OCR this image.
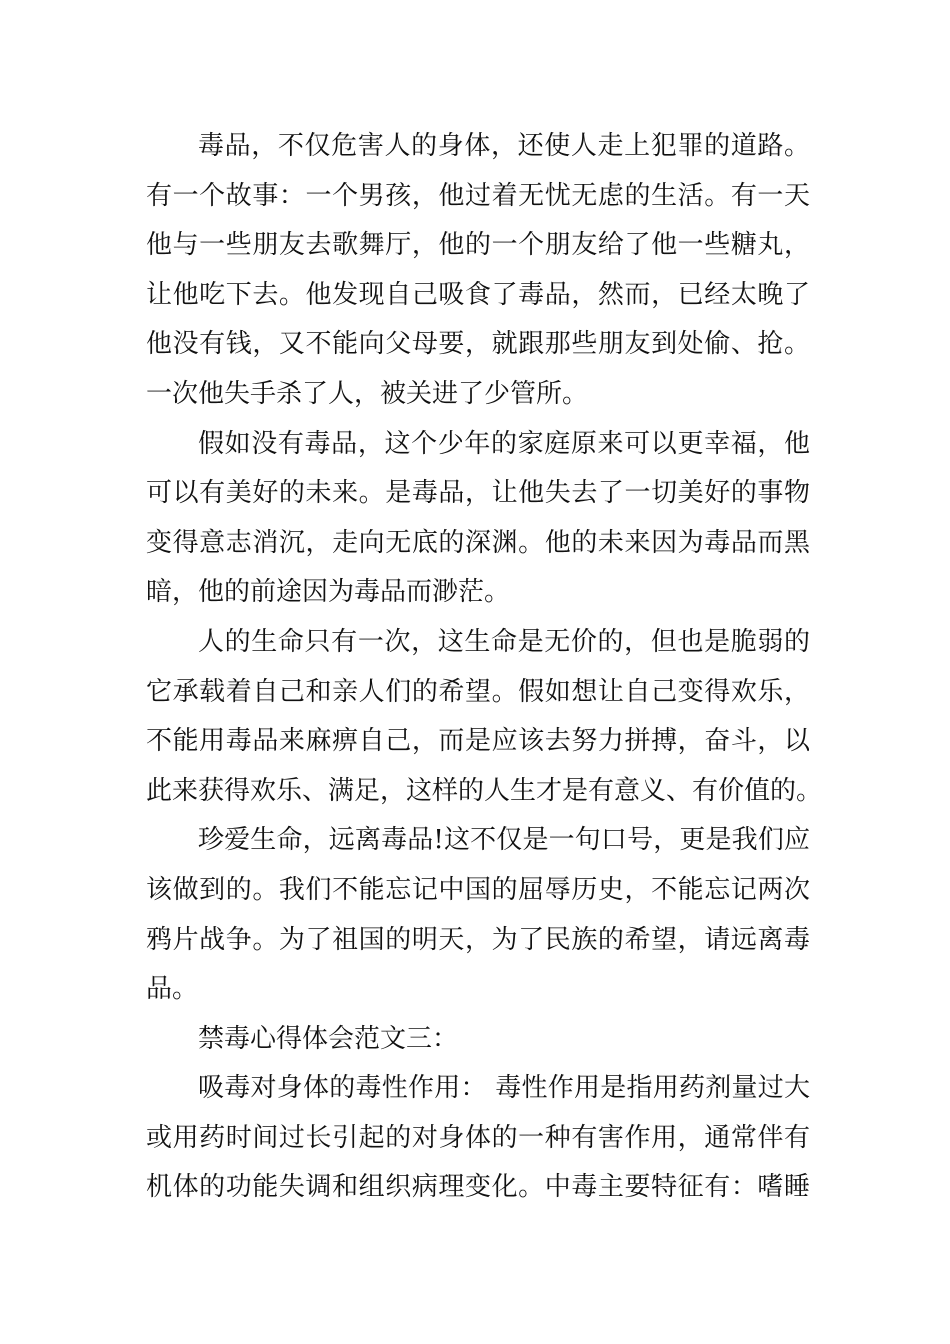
毒品，不仅危害人的身体，还使人走上犯罪的道路。
有一个故事：一个男孩，他过着无忧无虑的生活。有一天
他与一些朋友去歌舞厅，他的一个朋友给了他一些糖丸，
让他吃下去。他发现自己吸食了毒品，然而，已经太晚了
他没有钱，又不能向父母要，就跟那些朋友到处偷、抢。
一次他失手杀了人，被关进了少管所。
假如没有毒品，这个少年的家庭原来可以更幸福，他
可以有美好的未来。是毒品，让他失去了一切美好的事物
变得意志消沉，走向无底的深渊。他的未来因为毒品而黑
暗，他的前途因为毒品而渺茫。
人的生命只有一次，这生命是无价的，但也是脆弱的
它承载着自己和亲人们的希望。假如想让自己变得欢乐，
不能用毒品来麻痹自己，而是应该去努力拼搏，奋斗，以
此来获得欢乐、满足，这样的人生才是有意义、有价值的。
珍爱生命，远离毒品!这不仅是一句口号，更是我们应
该做到的。我们不能忘记中国的屈辱历史，不能忘记两次
鸦片战争。为了祖国的明天，为了民族的希望，请远离毒
品。
禁毒心得体会范文三：
吸毒对身体的毒性作用： 毒性作用是指用药剂量过大
或用药时间过长引起的对身体的一种有害作用，通常伴有
机体的功能失调和组织病理变化。中毒主要特征有：嗜睡
